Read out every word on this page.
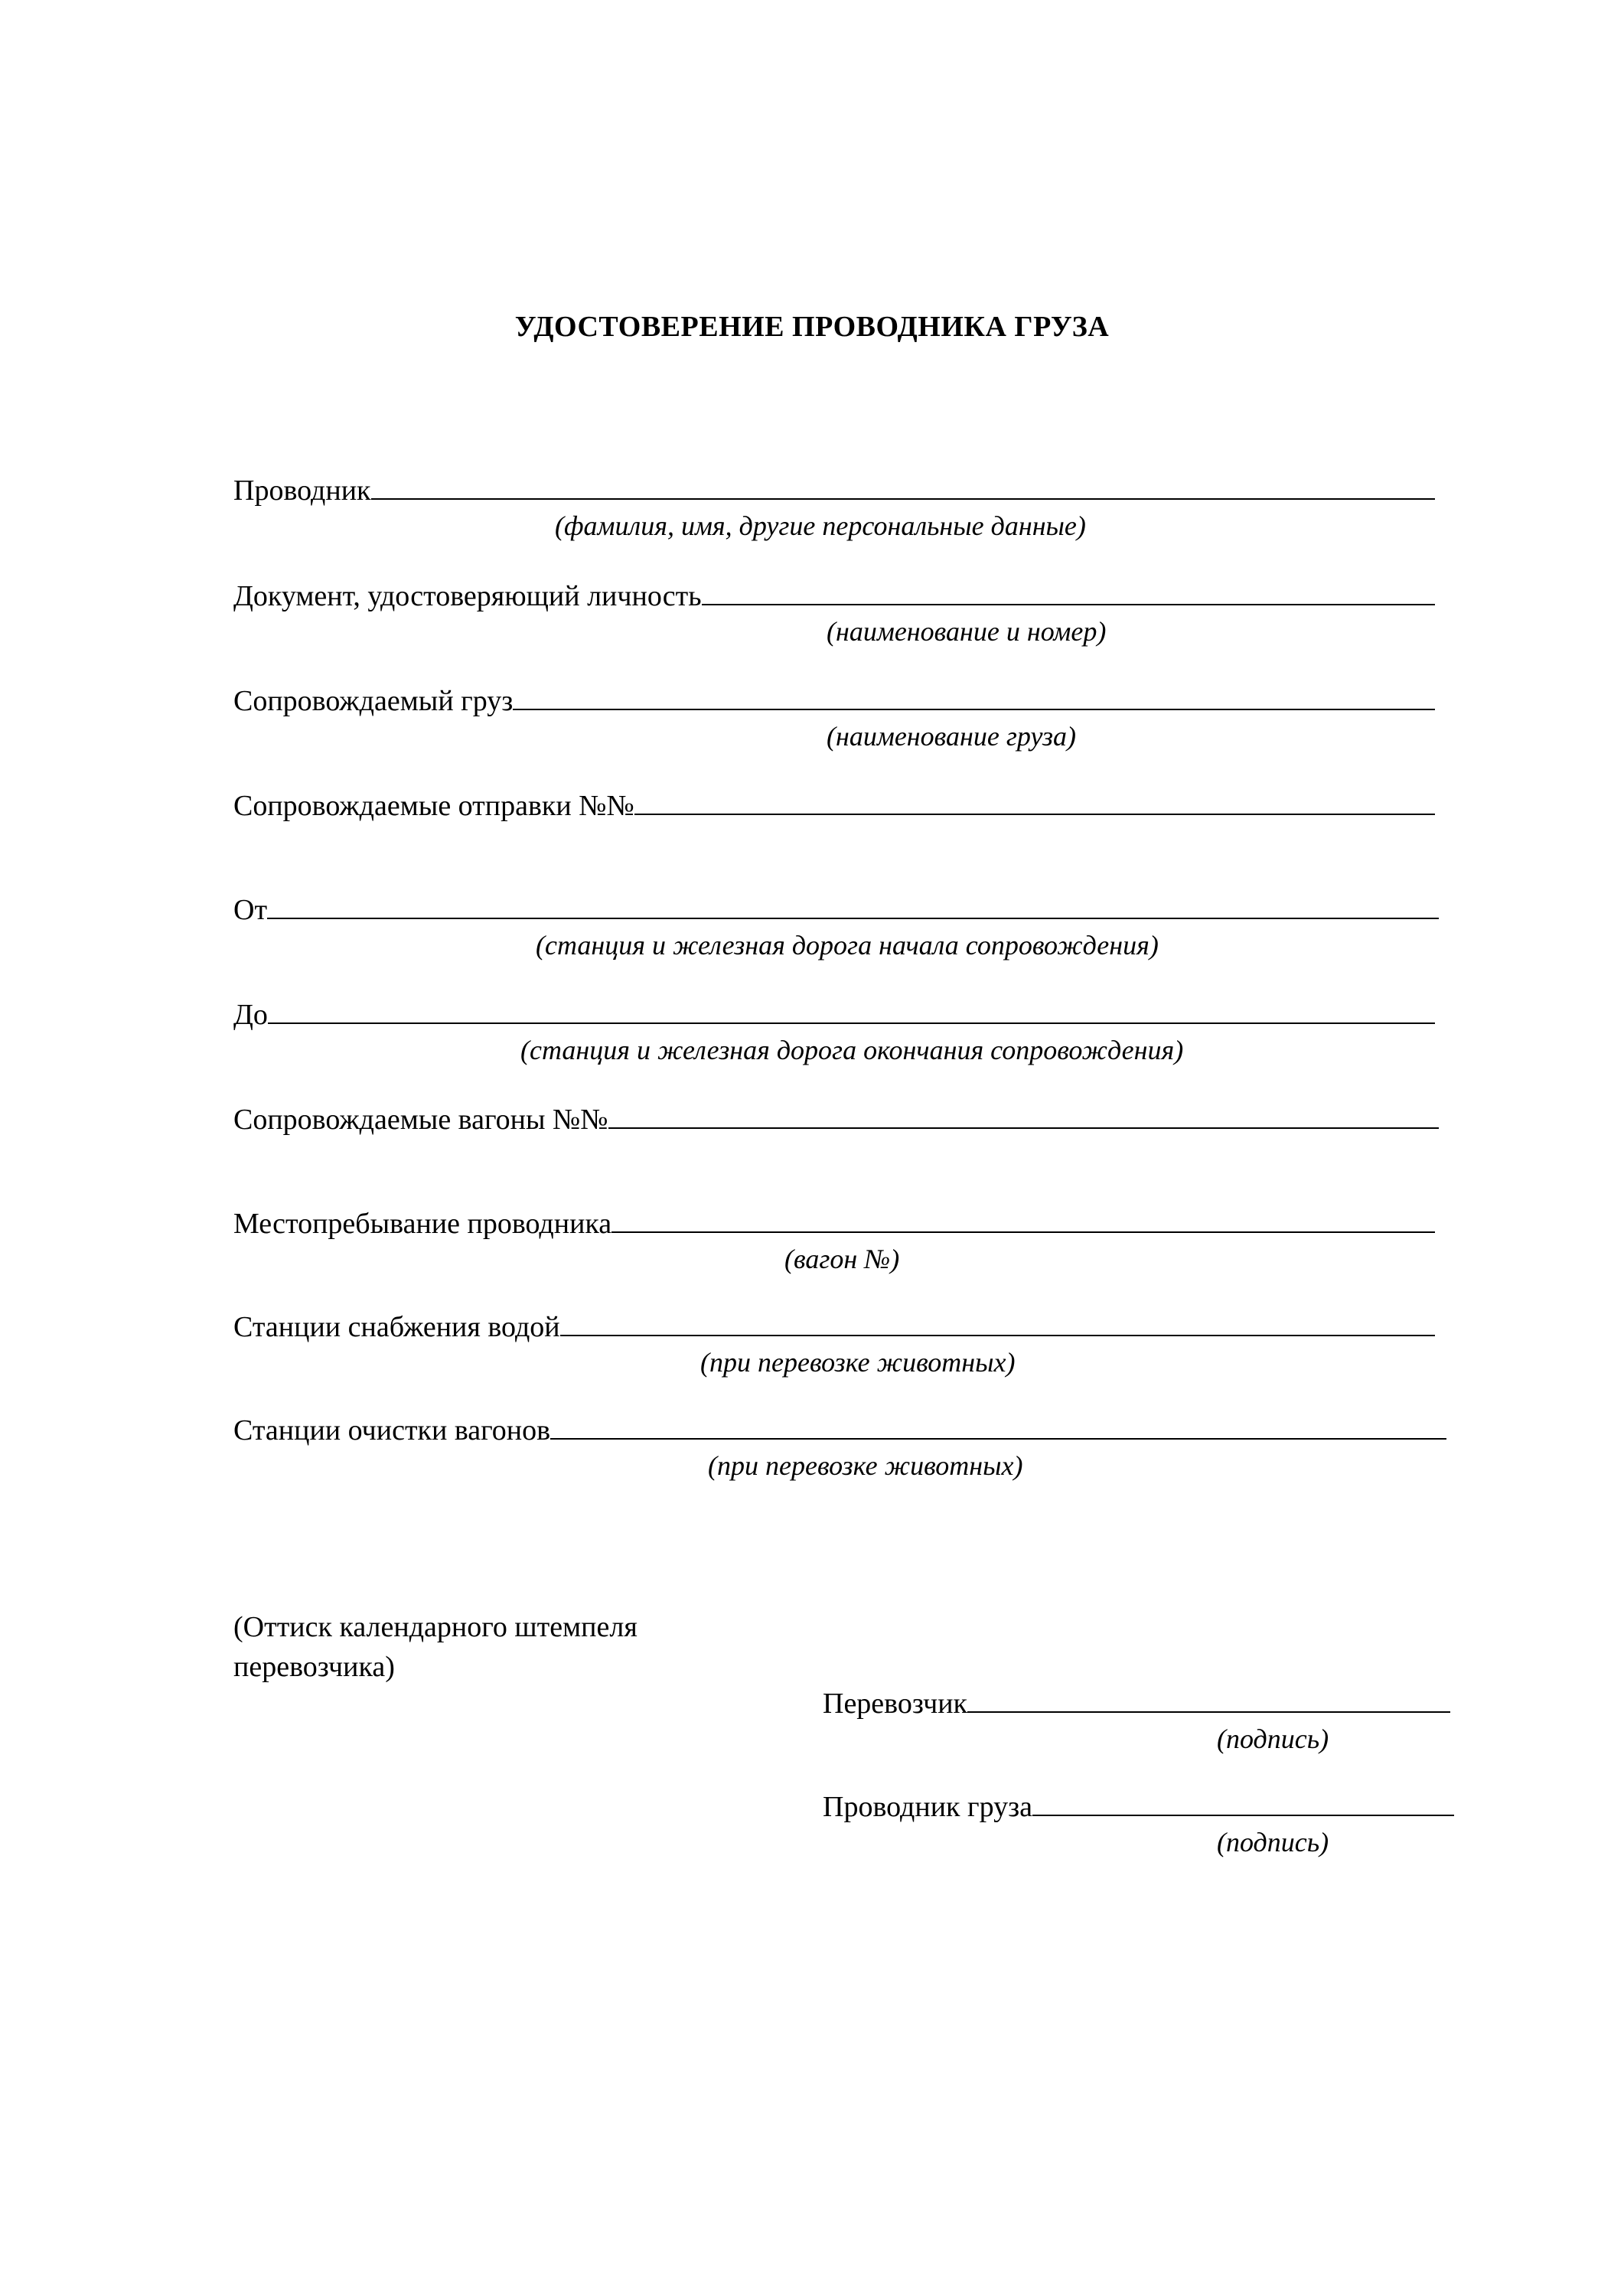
УДОСТОВЕРЕНИЕ ПРОВОДНИКА ГРУЗА
Проводник
(фамилия, имя, другие персональные данные)
Документ, удостоверяющий личность
(наименование и номер)
Сопровождаемый груз
(наименование груза)
Сопровождаемые отправки №№
От
(станция и железная дорога начала сопровождения)
До
(станция и железная дорога окончания сопровождения)
Сопровождаемые вагоны №№
Местопребывание проводника
(вагон №)
Станции снабжения водой
(при перевозке животных)
Станции очистки вагонов
(при перевозке животных)
(Оттиск календарного штемпеля перевозчика)
Перевозчик
(подпись)
Проводник груза
(подпись)
